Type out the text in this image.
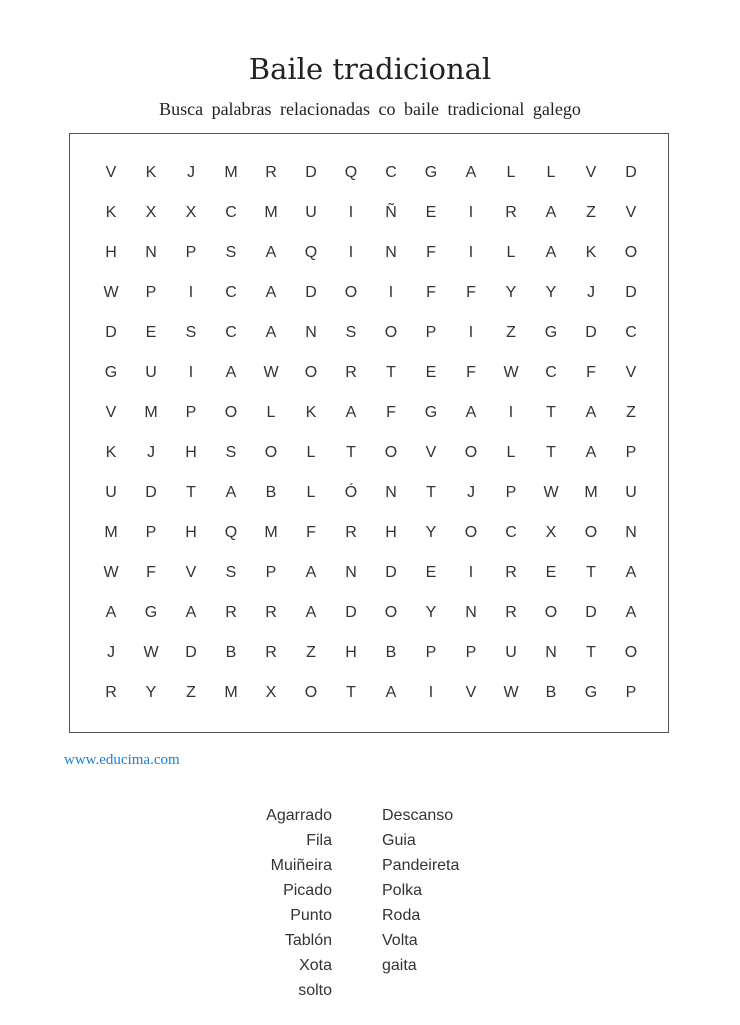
Baile tradicional
Busca palabras relacionadas co baile tradicional galego
V	K	J	M	R	D	Q	C	G	A	L	L	V	D
K	X	X	C	M	U	I	Ñ	E	I	R	A	Z	V
H	N	P	S	A	Q	I	N	F	I	L	A	K	O
W	P	I	C	A	D	O	I	F	F	Y	Y	J	D
D	E	S	C	A	N	S	O	P	I	Z	G	D	C
G	U	I	A	W	O	R	T	E	F	W	C	F	V
V	M	P	O	L	K	A	F	G	A	I	T	A	Z
K	J	H	S	O	L	T	O	V	O	L	T	A	P
U	D	T	A	B	L	Ó	N	T	J	P	W	M	U
M	P	H	Q	M	F	R	H	Y	O	C	X	O	N
W	F	V	S	P	A	N	D	E	I	R	E	T	A
A	G	A	R	R	A	D	O	Y	N	R	O	D	A
J	W	D	B	R	Z	H	B	P	P	U	N	T	O
R	Y	Z	M	X	O	T	A	I	V	W	B	G	P
www.educima.com
Agarrado
Fila
Muiñeira
Picado
Punto
Tablón
Xota
solto
Descanso
Guia
Pandeireta
Polka
Roda
Volta
gaita
